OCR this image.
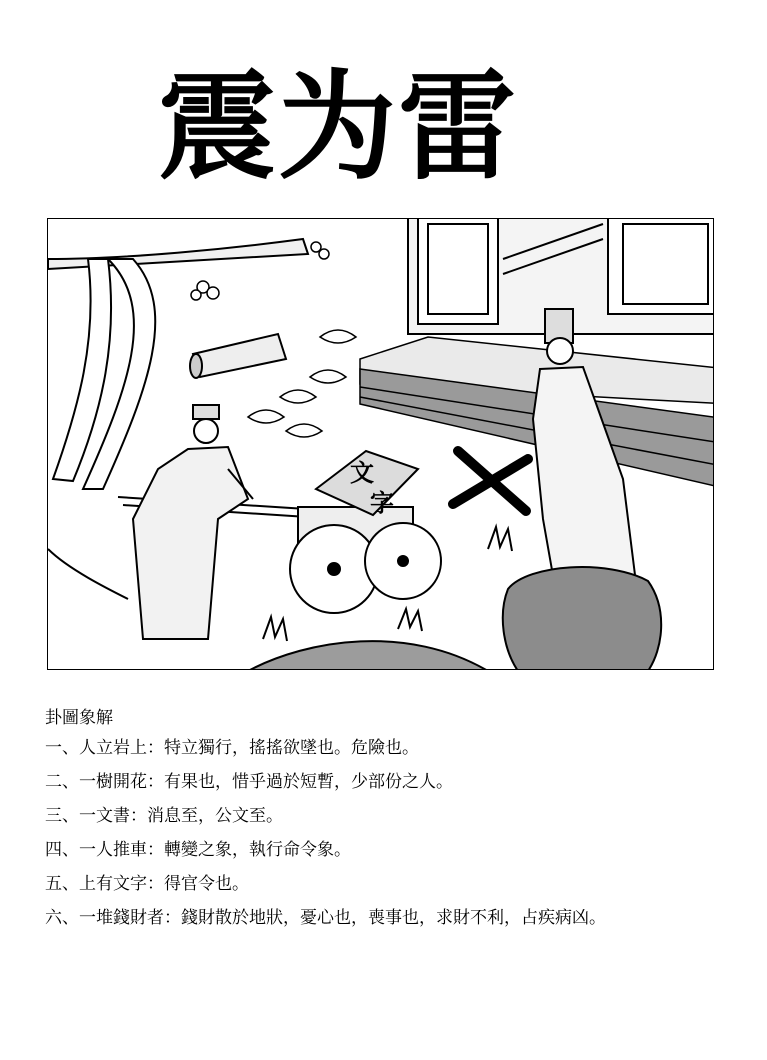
震为雷
文
字
卦圖象解
一、人立岩上：特立獨行，搖搖欲墜也。危險也。
二、一樹開花：有果也，惜乎過於短暫，少部份之人。
三、一文書：消息至，公文至。
四、一人推車：轉變之象，執行命令象。
五、上有文字：得官令也。
六、一堆錢財者：錢財散於地狀，憂心也，喪事也，求財不利，占疾病凶。
